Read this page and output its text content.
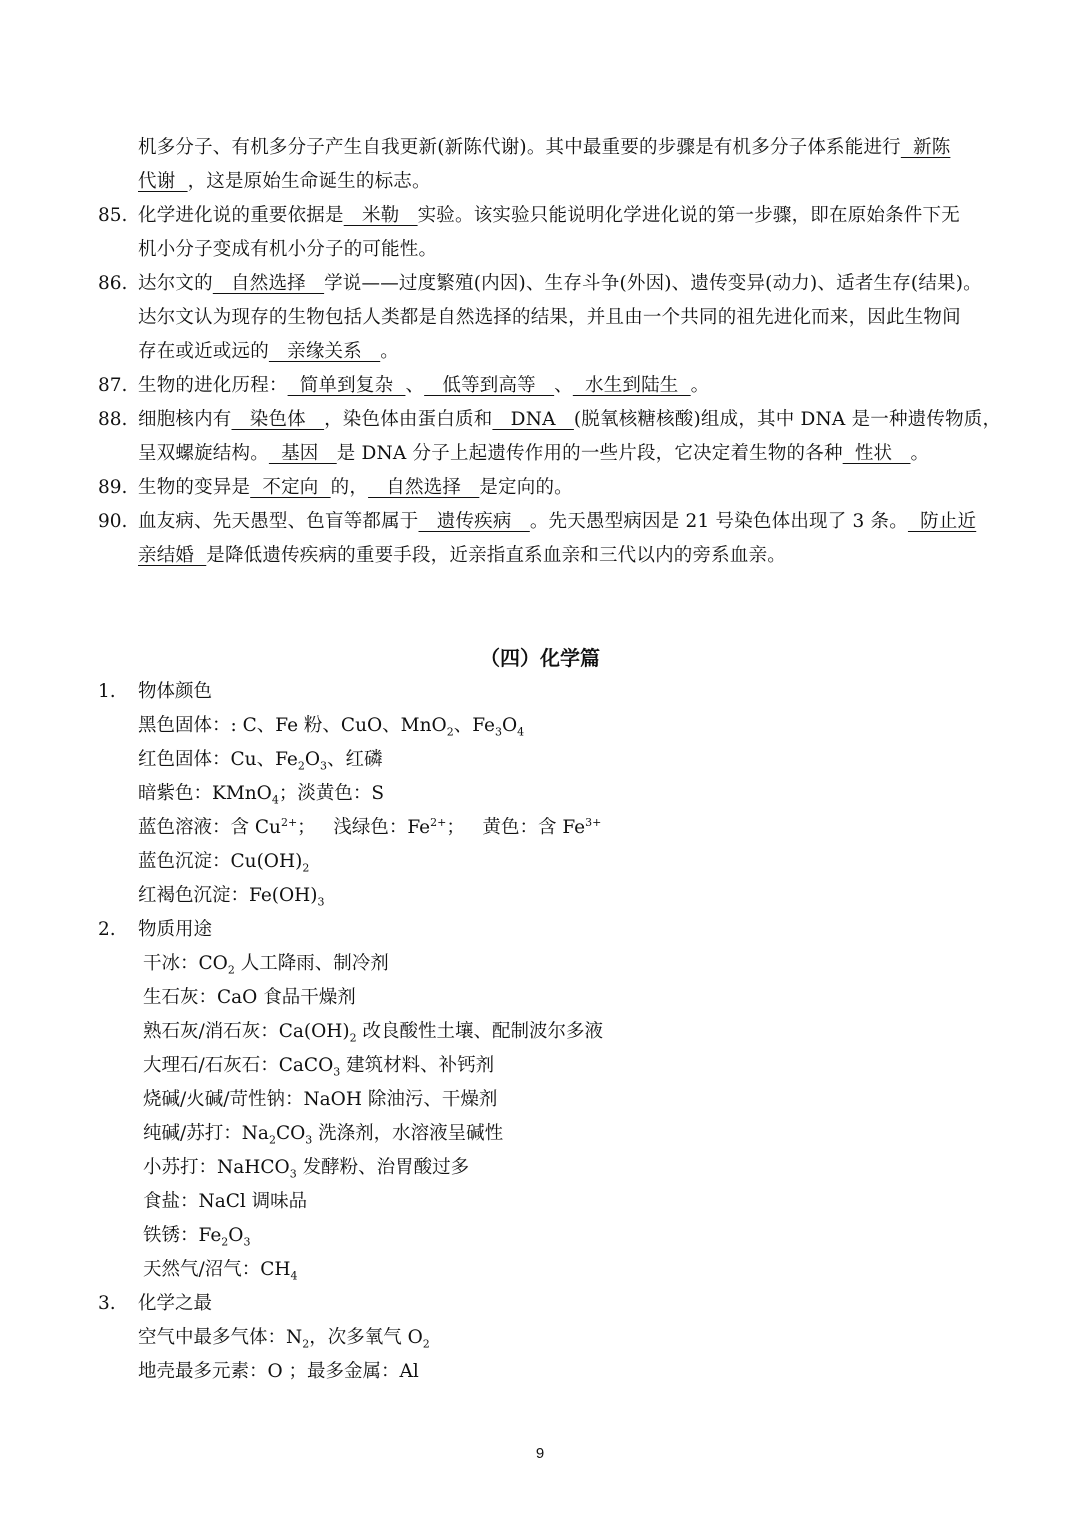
机多分子、有机多分子产生自我更新(新陈代谢)。其中最重要的步骤是有机多分子体系能进行  新陈
代谢  ，这是原始生命诞生的标志。
85. 化学进化说的重要依据是   米勒   实验。该实验只能说明化学进化说的第一步骤，即在原始条件下无
机小分子变成有机小分子的可能性。
86. 达尔文的   自然选择   学说——过度繁殖(内因)、生存斗争(外因)、遗传变异(动力)、适者生存(结果)。
达尔文认为现存的生物包括人类都是自然选择的结果，并且由一个共同的祖先进化而来，因此生物间
存在或近或远的   亲缘关系   。
87. 生物的进化历程：  简单到复杂  、   低等到高等   、  水生到陆生  。
88. 细胞核内有   染色体   ，染色体由蛋白质和   DNA   (脱氧核糖核酸)组成，其中 DNA 是一种遗传物质，
呈双螺旋结构。  基因   是 DNA 分子上起遗传作用的一些片段，它决定着生物的各种  性状   。
89. 生物的变异是  不定向  的，   自然选择   是定向的。
90. 血友病、先天愚型、色盲等都属于   遗传疾病   。先天愚型病因是 21 号染色体出现了 3 条。  防止近
亲结婚  是降低遗传疾病的重要手段，近亲指直系血亲和三代以内的旁系血亲。
（四）化学篇
1. 物体颜色
黑色固体：: C、Fe 粉、CuO、MnO$_2$、$Fe_3O_4$
红色固体：Cu、$Fe_2O_3$、红磷
暗紫色：KMnO$_4$；淡黄色：S
蓝色溶液：含 $Cu^{2+}$；   浅绿色：$Fe^{2+}$；   黄色：含 $Fe^{3+}$
蓝色沉淀：$Cu(OH)_2$
红褐色沉淀：$Fe(OH)_3$
2. 物质用途
干冰：$CO_2$ 人工降雨、制冷剂
生石灰：CaO 食品干燥剂
熟石灰/消石灰：$Ca(OH)_2$ 改良酸性土壤、配制波尔多液
大理石/石灰石：CaCO$_3$ 建筑材料、补钙剂
烧碱/火碱/苛性钠：NaOH 除油污、干燥剂
纯碱/苏打：$Na_2CO_3$ 洗涤剂，水溶液呈碱性
小苏打：NaHCO$_3$ 发酵粉、治胃酸过多
食盐：NaCl 调味品
铁锈：$Fe_2O_3$
天然气/沼气：$CH_4$
3. 化学之最
空气中最多气体：$N_2$，次多氧气 $O_2$
地壳最多元素：O ；最多金属：Al
9
